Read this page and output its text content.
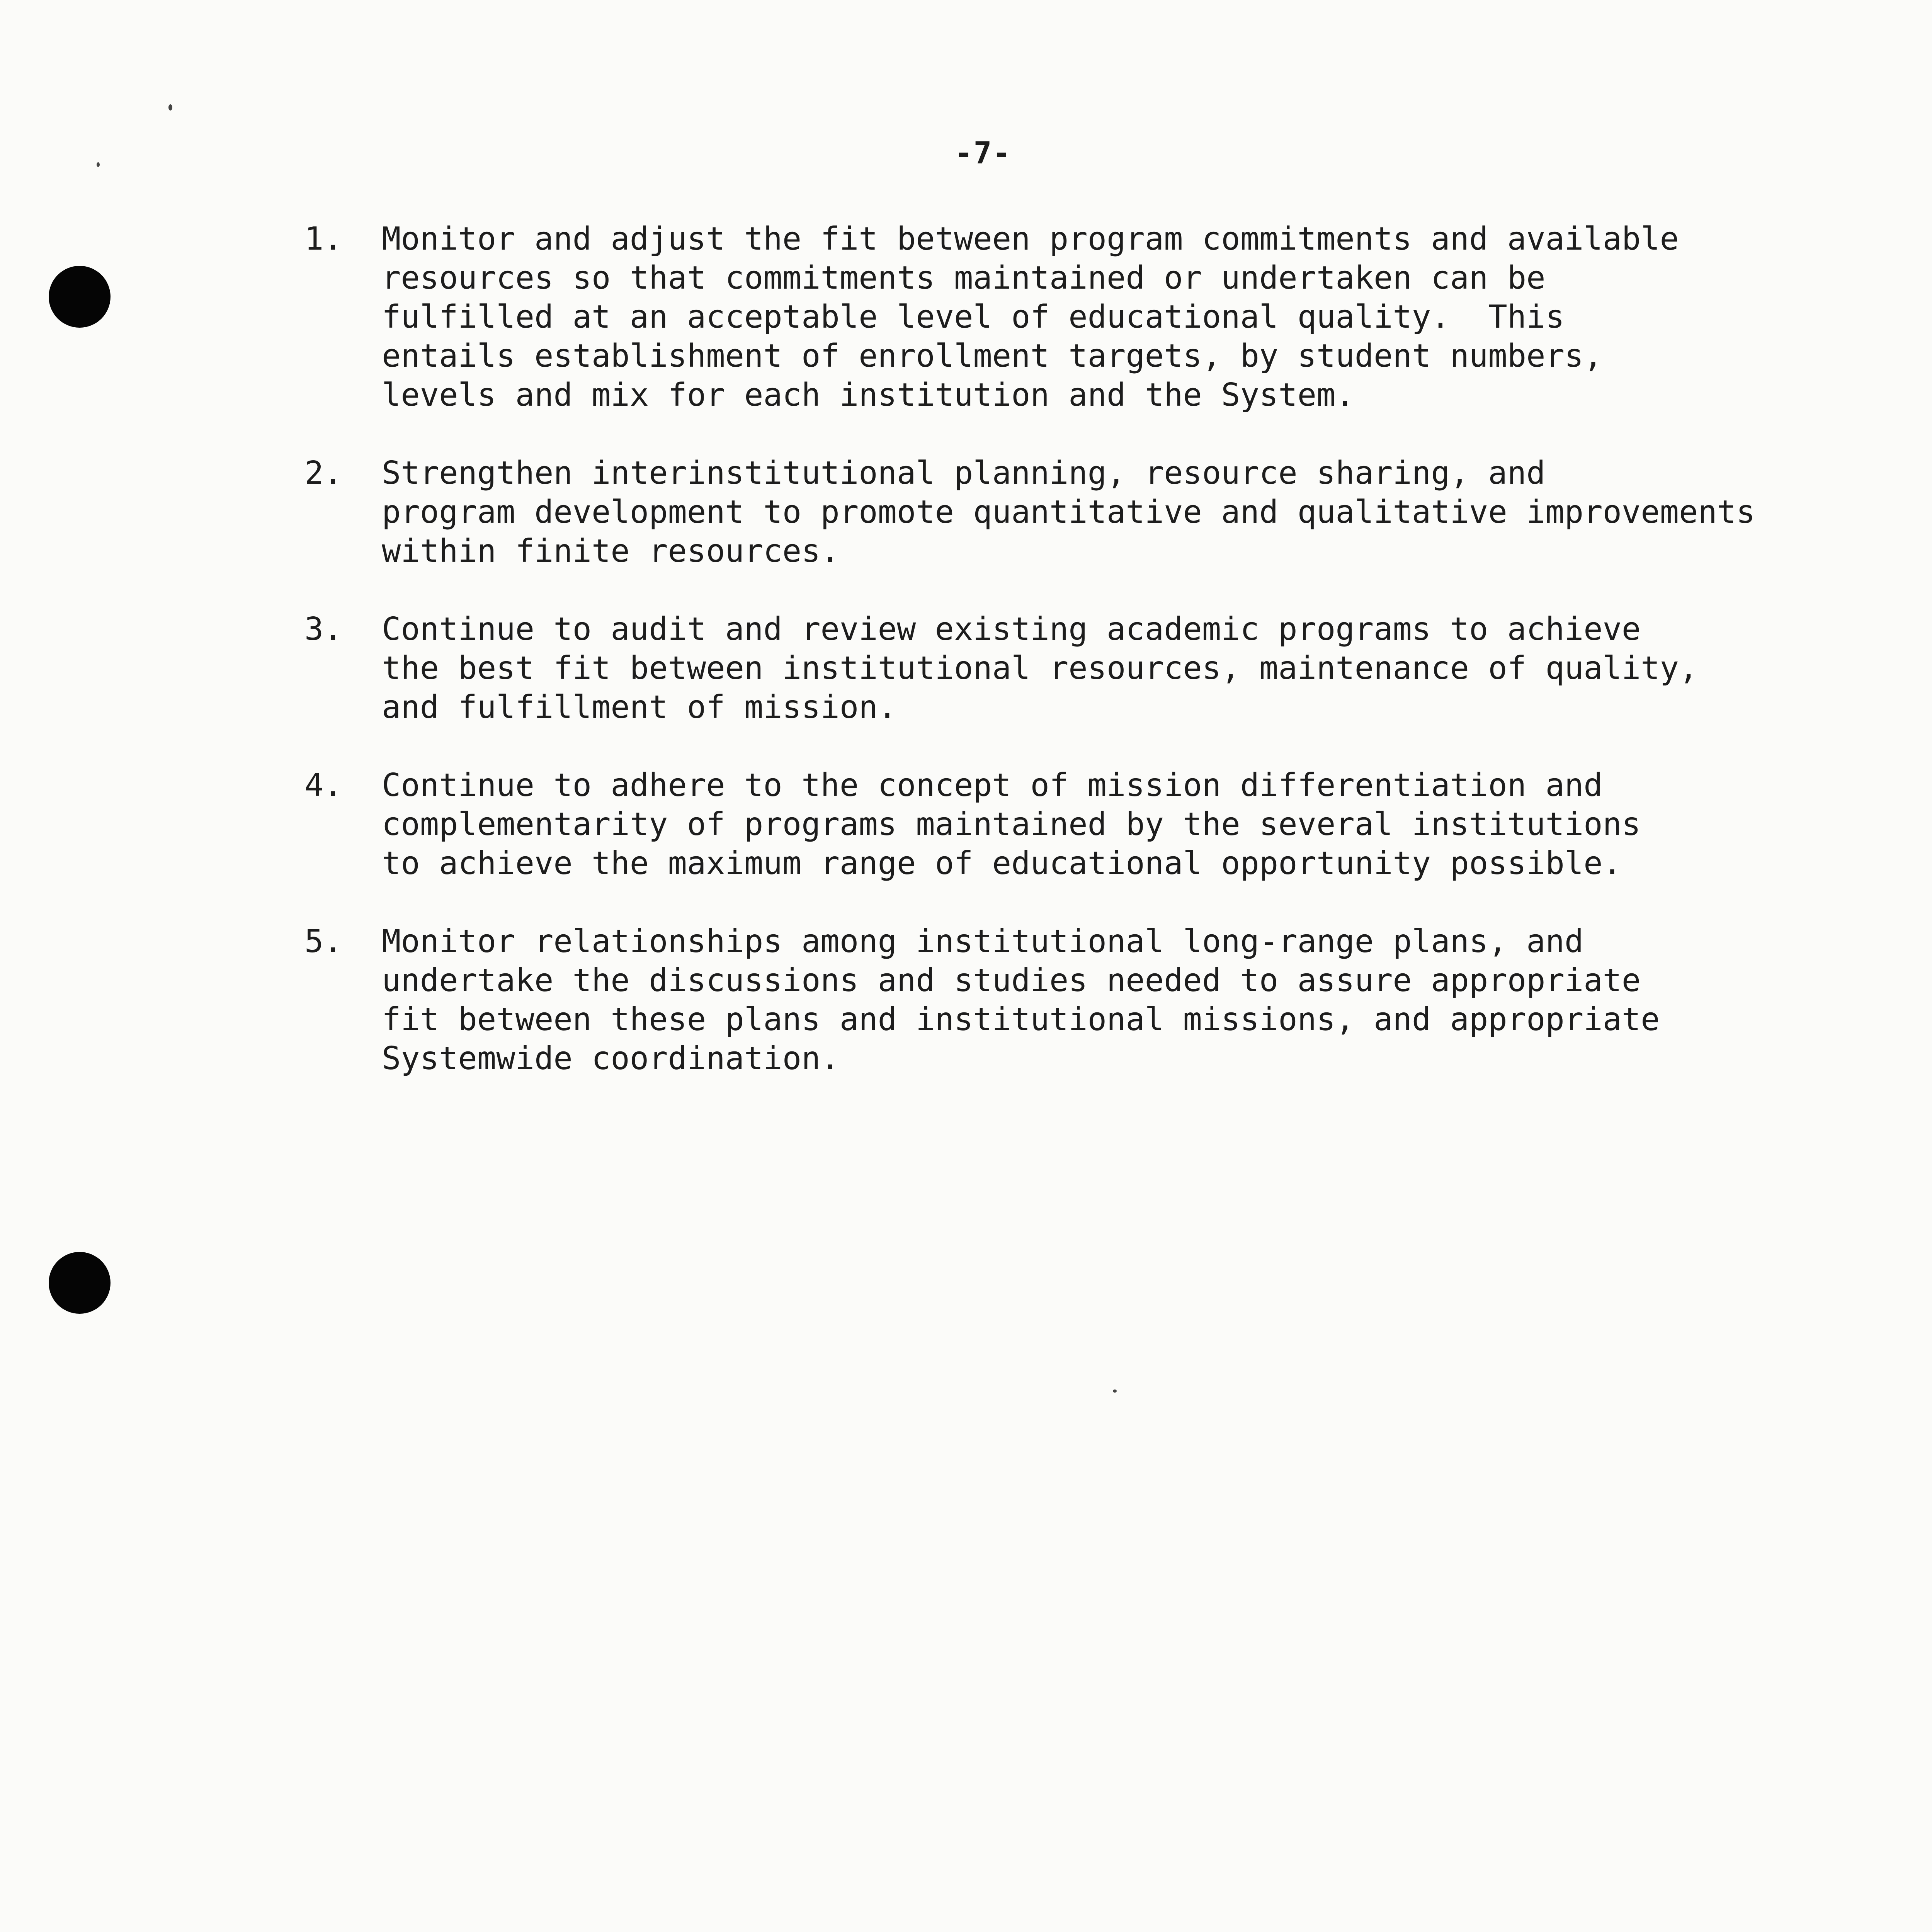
-7-
1.	Monitor and adjust the fit between program commitments and available
resources so that commitments maintained or undertaken can be
fulfilled at an acceptable level of educational quality.  This
entails establishment of enrollment targets, by student numbers,
levels and mix for each institution and the System.
2.	Strengthen interinstitutional planning, resource sharing, and
program development to promote quantitative and qualitative improvements
within finite resources.
3.	Continue to audit and review existing academic programs to achieve
the best fit between institutional resources, maintenance of quality,
and fulfillment of mission.
4.	Continue to adhere to the concept of mission differentiation and
complementarity of programs maintained by the several institutions
to achieve the maximum range of educational opportunity possible.
5.	Monitor relationships among institutional long-range plans, and
undertake the discussions and studies needed to assure appropriate
fit between these plans and institutional missions, and appropriate
Systemwide coordination.
